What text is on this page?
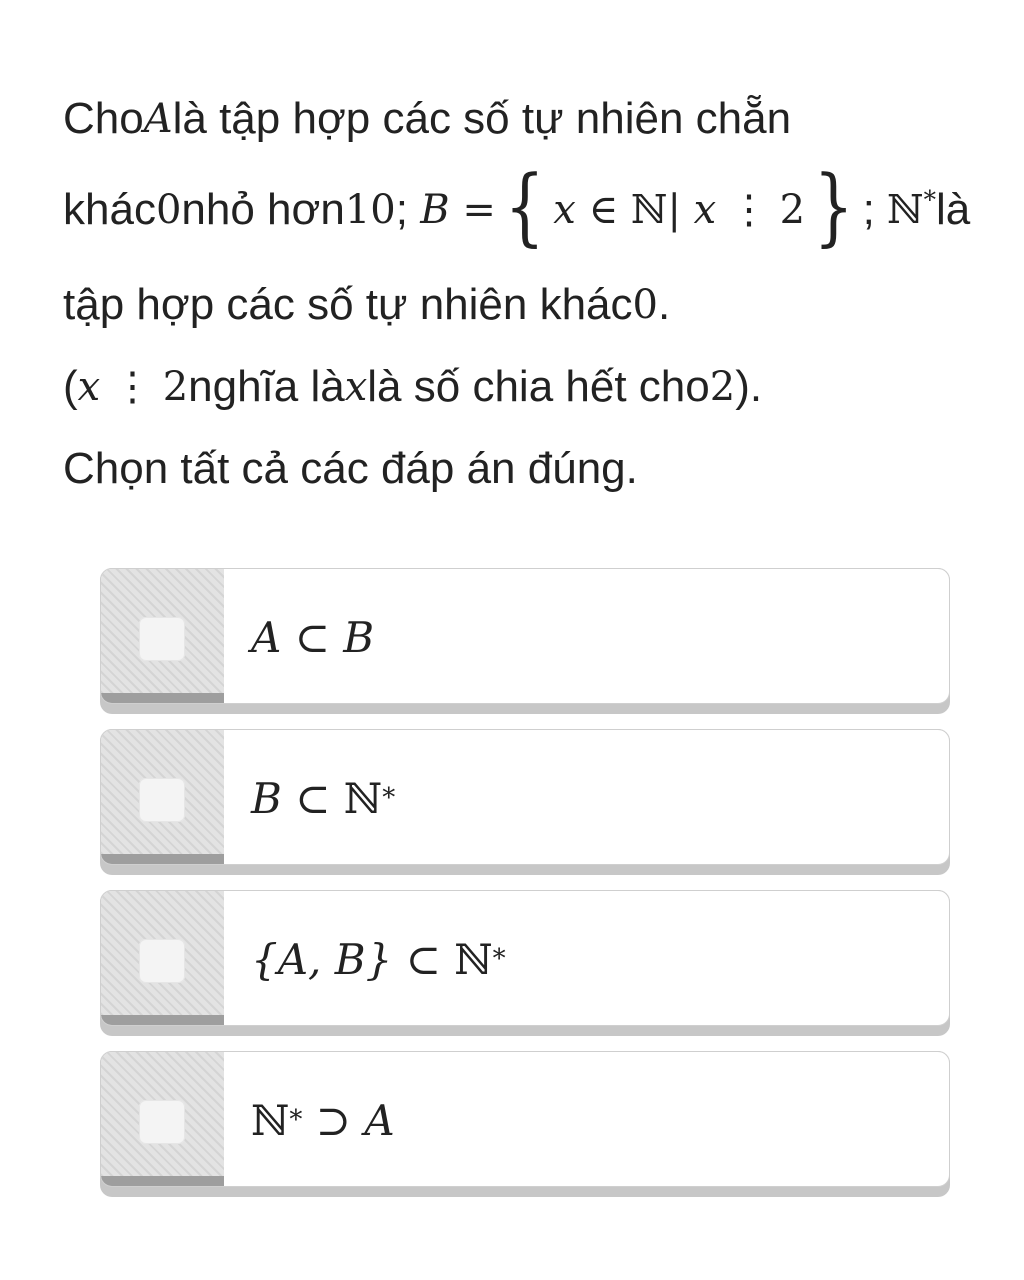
Cho A là tập hợp các số tự nhiên chẵn
khác 0 nhỏ hơn 10 ;
B = { x
∈
ℕ|
x
⋮
2 } ;
ℕ* là
tập hợp các số tự nhiên khác 0 .
( x
⋮
2 nghĩa là x là số chia hết cho 2 ).
Chọn tất cả các đáp án đúng.
A
⊂
B
B
⊂
ℕ *
{A, B}
⊂
ℕ *
ℕ *
⊃
A
